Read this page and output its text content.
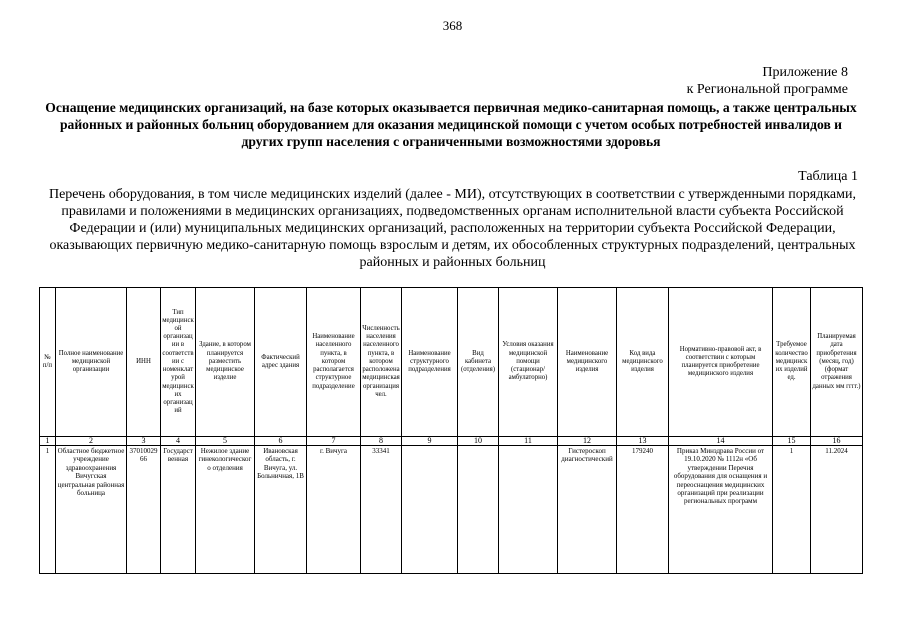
368
Приложение 8
к Региональной программе
Оснащение медицинских организаций, на базе которых оказывается первичная медико-санитарная помощь, а также центральных районных и районных больниц оборудованием для оказания медицинской помощи с учетом особых потребностей инвалидов и других групп населения с ограниченными возможностями здоровья
Таблица 1
Перечень оборудования, в том числе медицинских изделий (далее - МИ), отсутствующих в соответствии с утвержденными порядками, правилами и положениями в медицинских организациях, подведомственных органам исполнительной власти субъекта Российской Федерации и (или) муниципальных медицинских организаций, расположенных на территории субъекта Российской Федерации, оказывающих первичную медико-санитарную помощь взрослым и детям, их обособленных структурных подразделений, центральных районных и районных больниц
№ п/п	Полное наименование медицинской организации	ИНН	Тип медицинской организации в соответствии с номенклатурой медицинских организаций	Здание, в котором планируется разместить медицинское изделие	Фактический адрес здания	Наименование населенного пункта, в котором располагается структурное подразделение	Численность населения населенного пункта, в котором расположена медицинская организация чел.	Наименование структурного подразделения	Вид кабинета (отделения)	Условия оказания медицинской помощи (стационар/амбулаторно)	Наименование медицинского изделия	Код вида медицинского изделия	Нормативно-правовой акт, в соответствии с которым планируется приобретение медицинского изделия	Требуемое количество медицинских изделий ед.	Планируемая дата приобретения (месяц, год) (формат отражения данных мм гггг.)
1	2	3	4	5	6	7	8	9	10	11	12	13	14	15	16
1	Областное бюджетное учреждение здравоохранения Вичугская центральная районная больница	3701002966	Государственная	Нежилое здание гинекологического отделения	Ивановская область, г. Вичуга, ул. Больничная, 1В	г. Вичуга	33341				Гистероскоп диагностический	179240	Приказ Минздрава России от 19.10.2020 № 1112н «Об утверждении Перечня оборудования для оснащения и переоснащения медицинских организаций при реализации региональных программ	1	11.2024
